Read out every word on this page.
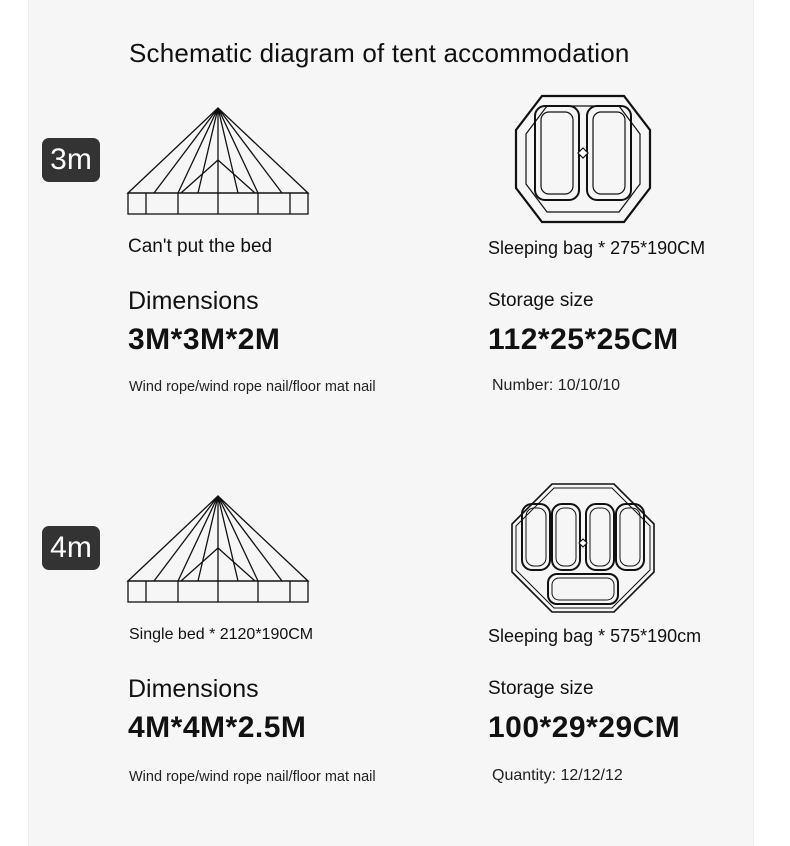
Schematic diagram of tent accommodation
3m
Can't put the bed	Sleeping bag * 275*190CM
Dimensions	Storage size
3M*3M*2M	112*25*25CM
Wind rope/wind rope nail/floor mat nail	Number: 10/10/10
4m
Single bed * 2120*190CM	Sleeping bag * 575*190cm
Dimensions	Storage size
4M*4M*2.5M	100*29*29CM
Wind rope/wind rope nail/floor mat nail	Quantity: 12/12/12
